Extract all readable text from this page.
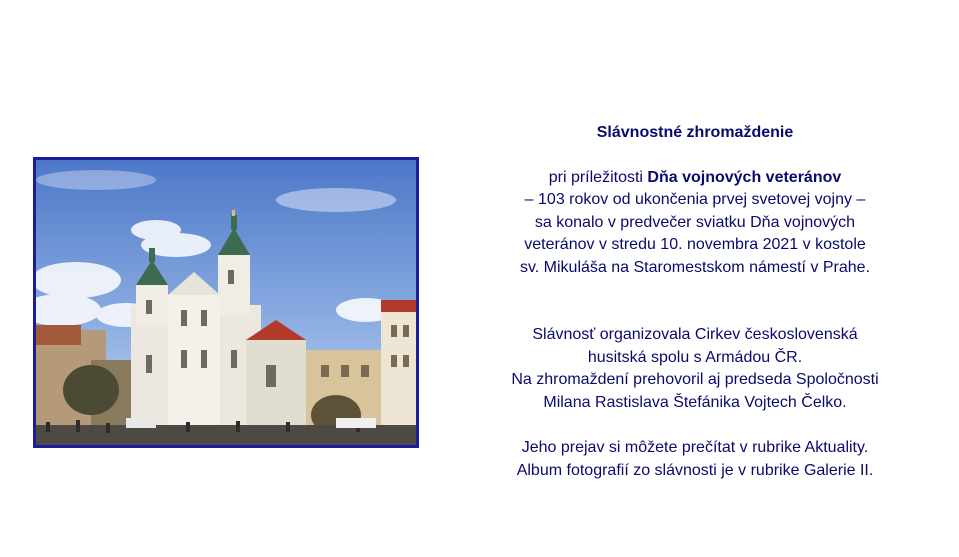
Slávnostné zhromaždenie

pri príležitosti Dňa vojnových veteránov

– 103 rokov od ukončenia prvej svetovej vojny –

sa konalo v predvečer sviatku Dňa vojnových

veteránov v stredu 10. novembra 2021 v kostole

sv. Mikuláša na Staromestskom námestí v Prahe.

Slávnosť organizovala Cirkev československá

husitská spolu s Armádou ČR.

Na zhromaždení prehovoril aj predseda Spoločnosti

Milana Rastislava Štefánika Vojtech Čelko.

Jeho prejav si môžete prečítat v rubrike Aktuality.

Album fotografií zo slávnosti je v rubrike Galerie II.
